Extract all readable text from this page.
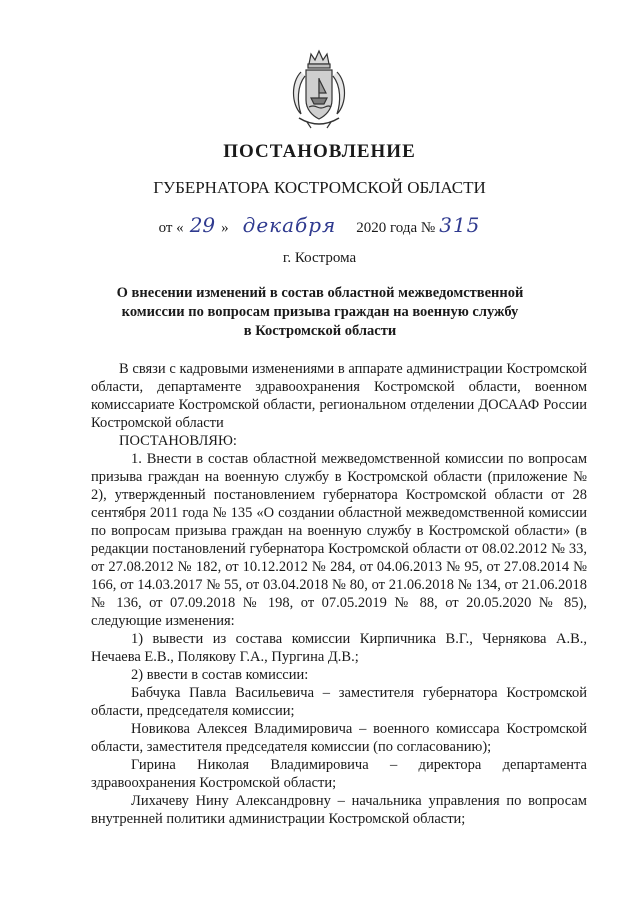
ПОСТАНОВЛЕНИЕ
ГУБЕРНАТОРА КОСТРОМСКОЙ ОБЛАСТИ
от « 29 » декабря 2020 года № 315
г. Кострома
О внесении изменений в состав областной межведомственной
комиссии по вопросам призыва граждан на военную службу
в Костромской области

В связи с кадровыми изменениями в аппарате администрации Костромской области, департаменте здравоохранения Костромской области, военном комиссариате Костромской области, региональном отделении ДОСААФ России Костромской области

ПОСТАНОВЛЯЮ:

1. Внести в состав областной межведомственной комиссии по вопросам призыва граждан на военную службу в Костромской области (приложение № 2), утвержденный постановлением губернатора Костромской области от 28 сентября 2011 года № 135 «О создании областной межведомственной комиссии по вопросам призыва граждан на военную службу в Костромской области» (в редакции постановлений губернатора Костромской области от 08.02.2012 № 33, от 27.08.2012 № 182, от 10.12.2012 № 284, от 04.06.2013 № 95, от 27.08.2014 № 166, от 14.03.2017 № 55, от 03.04.2018 № 80, от 21.06.2018 № 134, от 21.06.2018 № 136, от 07.09.2018 № 198, от 07.05.2019 № 88, от 20.05.2020 № 85), следующие изменения:

1) вывести из состава комиссии Кирпичника В.Г., Чернякова А.В., Нечаева Е.В., Полякову Г.А., Пургина Д.В.;

2) ввести в состав комиссии:

Бабчука Павла Васильевича – заместителя губернатора Костромской области, председателя комиссии;

Новикова Алексея Владимировича – военного комиссара Костромской области, заместителя председателя комиссии (по согласованию);

Гирина Николая Владимировича – директора департамента здравоохранения Костромской области;

Лихачеву Нину Александровну – начальника управления по вопросам внутренней политики администрации Костромской области;
